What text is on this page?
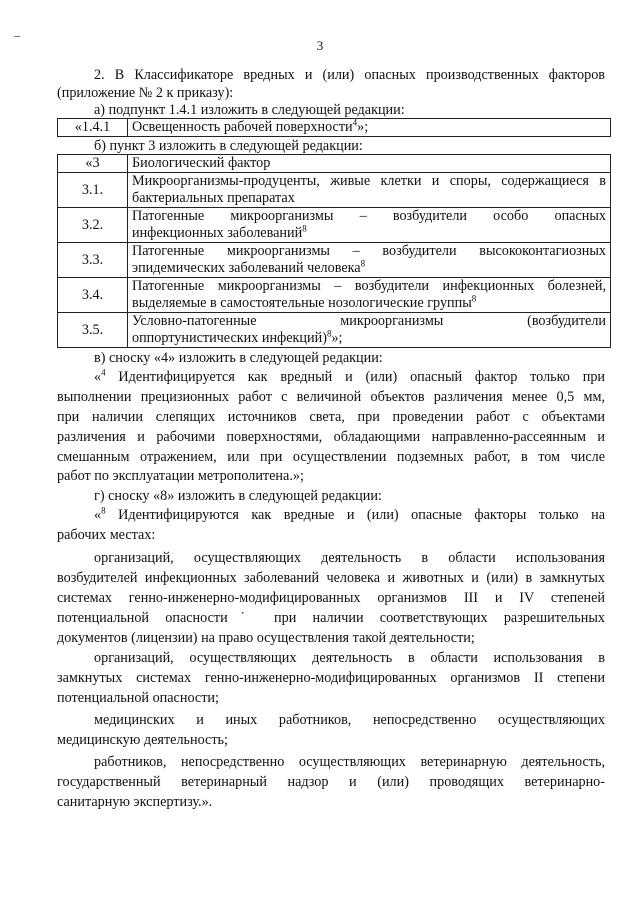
3
2. В Классификаторе вредных и (или) опасных производственных факторов
(приложение № 2 к приказу):
а) подпункт 1.4.1 изложить в следующей редакции:
«1.4.1	Освещенность рабочей поверхности$^4$»;
б) пункт 3 изложить в следующей редакции:
«3	Биологический фактор
3.1.	Микроорганизмы-продуценты, живые клетки и споры, содержащиеся в
бактериальных препаратах

3.2.	Патогенные микроорганизмы – возбудители особо опасных
инфекционных заболеваний$^8$

3.3.	Патогенные микроорганизмы – возбудители высококонтагиозных
эпидемических заболеваний человека$^8$

3.4.	Патогенные микроорганизмы – возбудители инфекционных болезней,
выделяемые в самостоятельные нозологические группы$^8$

3.5.	Условно-патогенные микроорганизмы (возбудители
оппортунистических инфекций)$^8$»;
в) сноску «4» изложить в следующей редакции:
«$^4$ Идентифицируется как вредный и (или) опасный фактор только при
выполнении прецизионных работ с величиной объектов различения менее 0,5 мм,
при наличии слепящих источников света, при проведении работ с объектами
различения и рабочими поверхностями, обладающими направленно-рассеянным и
смешанным отражением, или при осуществлении подземных работ, в том числе
работ по эксплуатации метрополитена.»;
г) сноску «8» изложить в следующей редакции:
«$^8$ Идентифицируются как вредные и (или) опасные факторы только на
рабочих местах:
организаций, осуществляющих деятельность в области использования
возбудителей инфекционных заболеваний человека и животных и (или) в замкнутых
системах генно-инженерно-модифицированных организмов III и IV степеней
потенциальной опасности˙ при наличии соответствующих разрешительных
документов (лицензии) на право осуществления такой деятельности;
организаций, осуществляющих деятельность в области использования в
замкнутых системах генно-инженерно-модифицированных организмов II степени
потенциальной опасности;
медицинских и иных работников, непосредственно осуществляющих
медицинскую деятельность;
работников, непосредственно осуществляющих ветеринарную деятельность,
государственный ветеринарный надзор и (или) проводящих ветеринарно-
санитарную экспертизу.».
